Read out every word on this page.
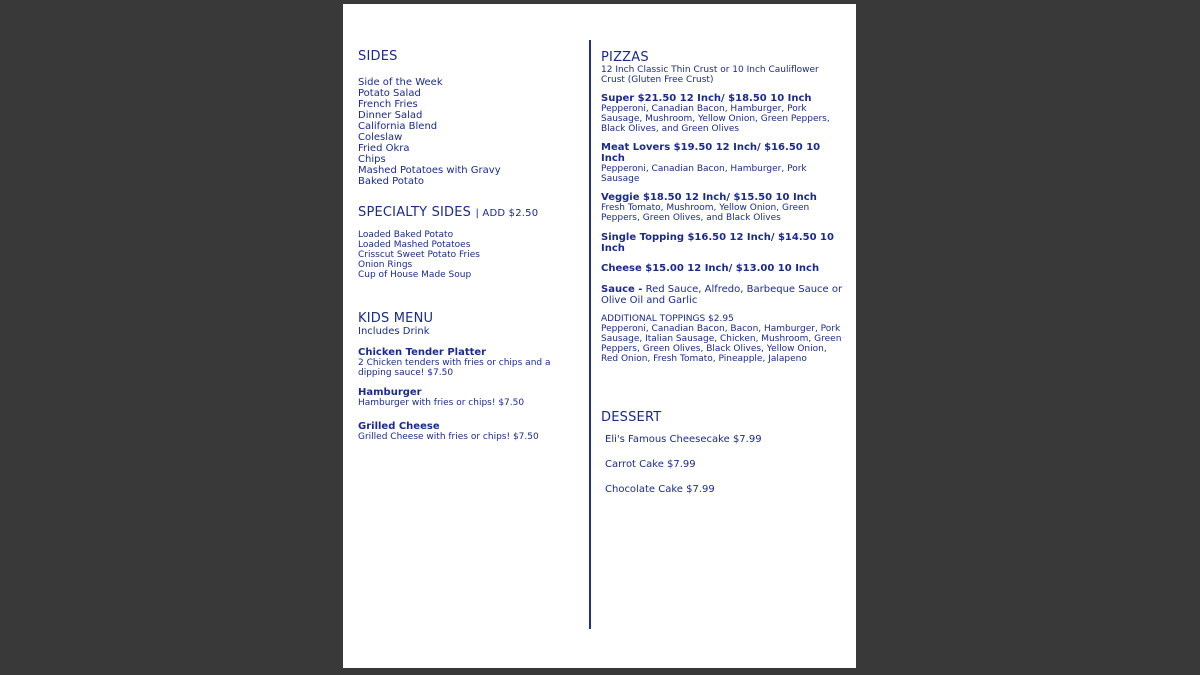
SIDES
Side of the Week
Potato Salad
French Fries
Dinner Salad
California Blend
Coleslaw
Fried Okra
Chips
Mashed Potatoes with Gravy
Baked Potato
SPECIALTY SIDES | ADD $2.50
Loaded Baked Potato
Loaded Mashed Potatoes
Crisscut Sweet Potato Fries
Onion Rings
Cup of House Made Soup
KIDS MENU
Includes Drink
Chicken Tender Platter
2 Chicken tenders with fries or chips and a dipping sauce! $7.50
Hamburger
Hamburger with fries or chips! $7.50
Grilled Cheese
Grilled Cheese with fries or chips! $7.50
PIZZAS
12 Inch Classic Thin Crust or 10 Inch Cauliflower Crust (Gluten Free Crust)
Super $21.50 12 Inch/ $18.50 10 Inch
Pepperoni, Canadian Bacon, Hamburger, Pork Sausage, Mushroom, Yellow Onion, Green Peppers, Black Olives, and Green Olives
Meat Lovers $19.50 12 Inch/ $16.50 10 Inch
Pepperoni, Canadian Bacon, Hamburger, Pork Sausage
Veggie $18.50 12 Inch/ $15.50 10 Inch
Fresh Tomato, Mushroom, Yellow Onion, Green Peppers, Green Olives, and Black Olives
Single Topping $16.50 12 Inch/ $14.50 10 Inch
Cheese $15.00 12 Inch/ $13.00 10 Inch
Sauce - Red Sauce, Alfredo, Barbeque Sauce or Olive Oil and Garlic
ADDITIONAL TOPPINGS $2.95
Pepperoni, Canadian Bacon, Bacon, Hamburger, Pork Sausage, Italian Sausage, Chicken, Mushroom, Green Peppers, Green Olives, Black Olives, Yellow Onion, Red Onion, Fresh Tomato, Pineapple, Jalapeno
DESSERT
Eli's Famous Cheesecake $7.99
Carrot Cake $7.99
Chocolate Cake $7.99
